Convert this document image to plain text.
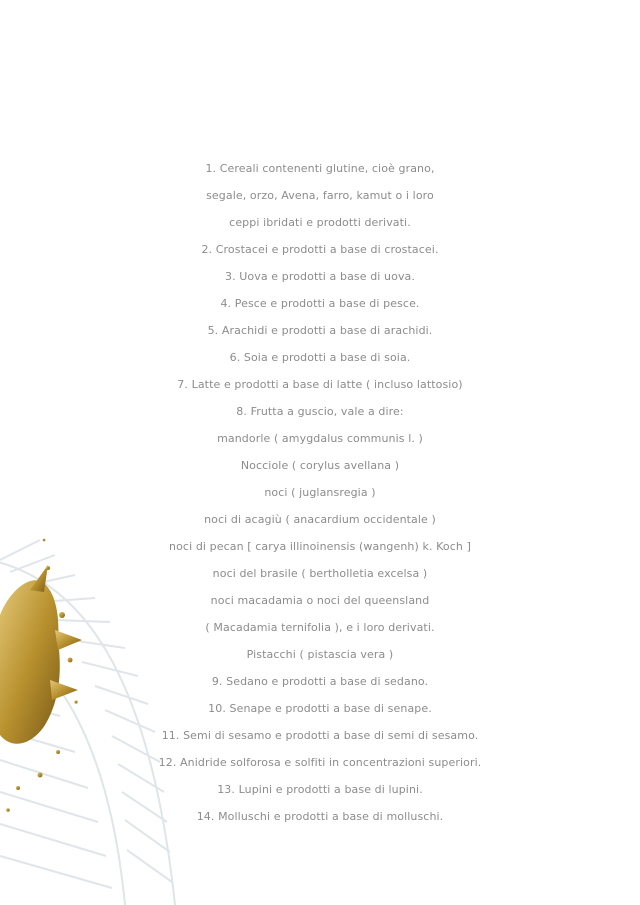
1. Cereali contenenti glutine, cioè grano,
segale, orzo, Avena, farro, kamut o i loro
ceppi ibridati e prodotti derivati.
2. Crostacei e prodotti a base di crostacei.
3. Uova e prodotti a base di uova.
4. Pesce e prodotti a base di pesce.
5. Arachidi e prodotti a base di arachidi.
6. Soia e prodotti a base di soia.
7. Latte e prodotti a base di latte ( incluso lattosio)
8. Frutta a guscio, vale a dire:
mandorle ( amygdalus communis l. )
Nocciole ( corylus avellana )
noci ( juglansregia )
noci di acagiù ( anacardium occidentale )
noci di pecan [ carya illinoinensis (wangenh) k. Koch ]
noci del brasile ( bertholletia excelsa )
noci macadamia o noci del queensland
( Macadamia ternifolia ), e i loro derivati.
Pistacchi ( pistascia vera )
9. Sedano e prodotti a base di sedano.
10. Senape e prodotti a base di senape.
11. Semi di sesamo e prodotti a base di semi di sesamo.
12. Anidride solforosa e solfiti in concentrazioni superiori.
13. Lupini e prodotti a base di lupini.
14. Molluschi e prodotti a base di molluschi.
